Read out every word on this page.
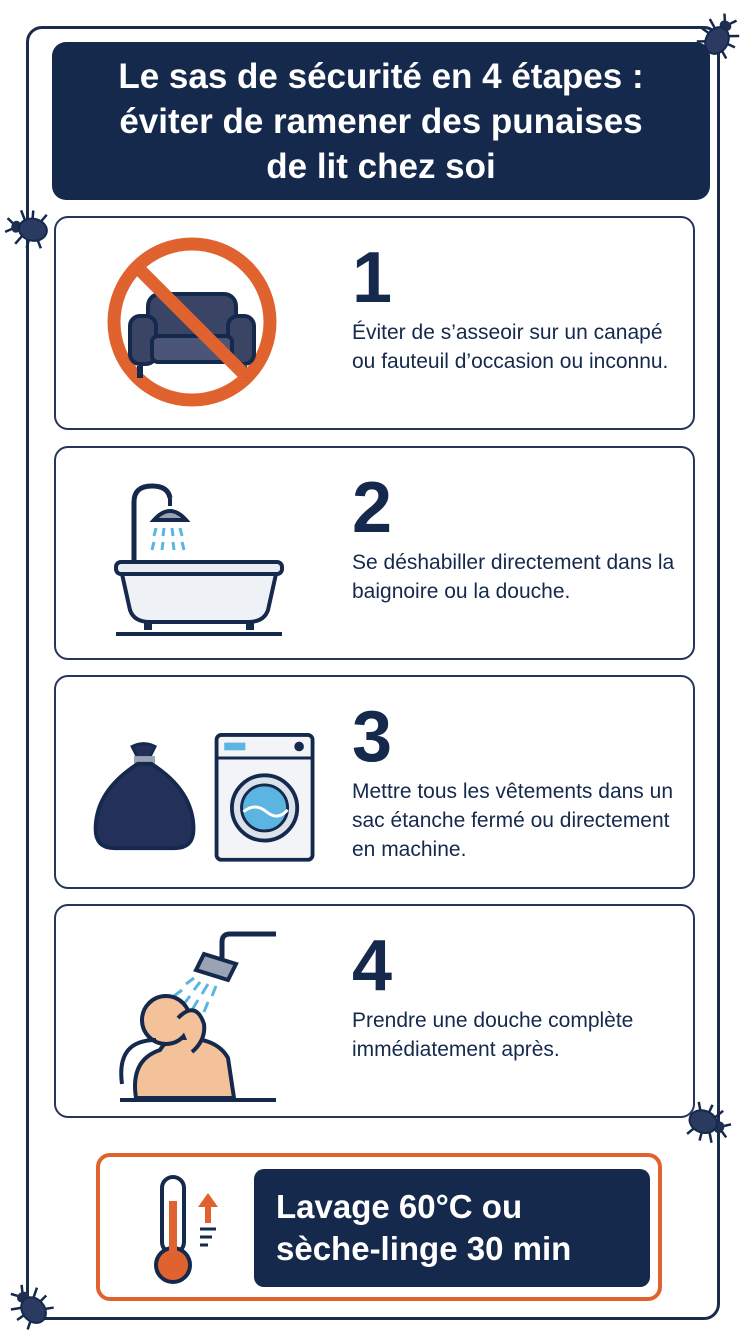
Le sas de sécurité en 4 étapes :
éviter de ramener des punaises
de lit chez soi

1

Éviter de s’asseoir sur un canapé ou fauteuil d’occasion ou inconnu.

2

Se déshabiller directement dans la baignoire ou la douche.

3

Mettre tous les vêtements dans un sac étanche fermé ou directement en machine.

4

Prendre une douche complète immédiatement après.

Lavage 60°C ou
sèche-linge 30 min
